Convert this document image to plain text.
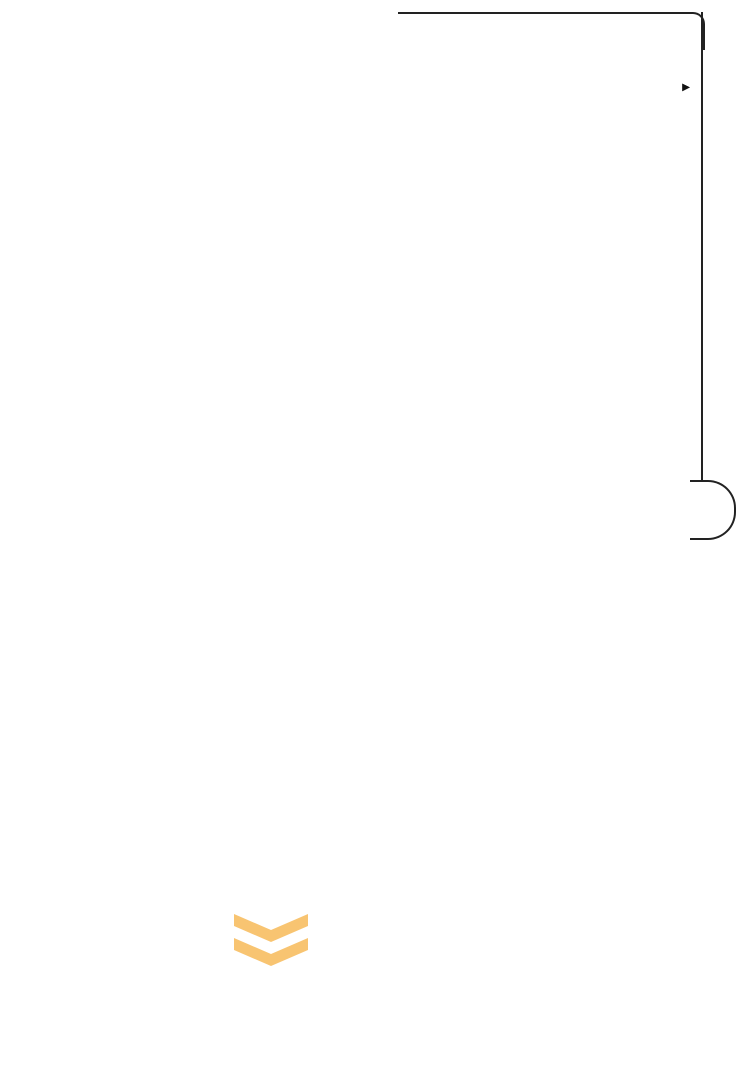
▶
▶
